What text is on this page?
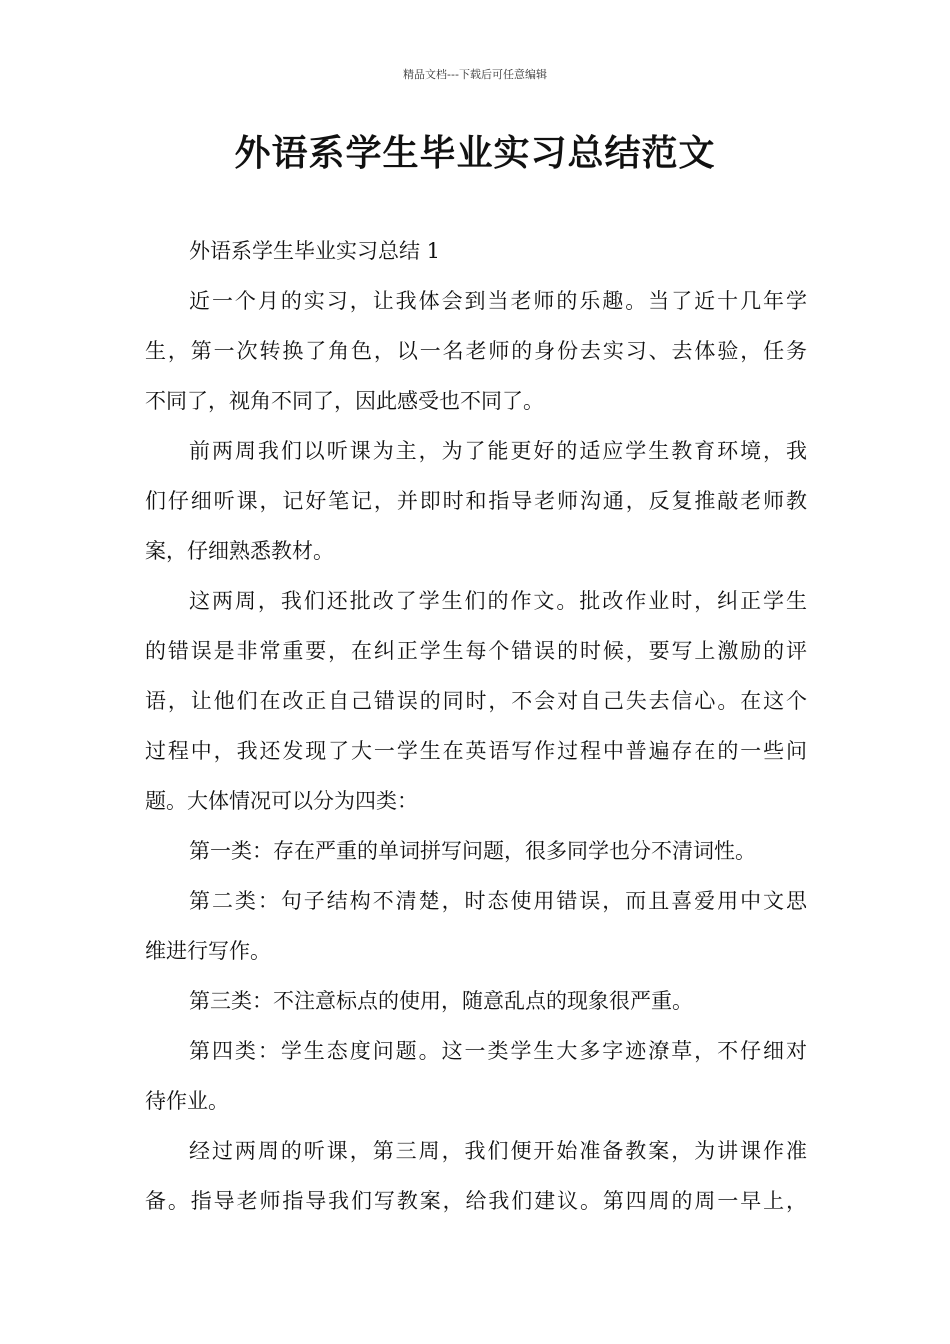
精品文档---下载后可任意编辑
外语系学生毕业实习总结范文
外语系学生毕业实习总结 1
近一个月的实习，让我体会到当老师的乐趣。当了近十几年学
生，第一次转换了角色，以一名老师的身份去实习、去体验，任务
不同了，视角不同了，因此感受也不同了。
前两周我们以听课为主，为了能更好的适应学生教育环境，我
们仔细听课，记好笔记，并即时和指导老师沟通，反复推敲老师教
案，仔细熟悉教材。
这两周，我们还批改了学生们的作文。批改作业时，纠正学生
的错误是非常重要，在纠正学生每个错误的时候，要写上激励的评
语，让他们在改正自己错误的同时，不会对自己失去信心。在这个
过程中，我还发现了大一学生在英语写作过程中普遍存在的一些问
题。大体情况可以分为四类：
第一类：存在严重的单词拼写问题，很多同学也分不清词性。
第二类：句子结构不清楚，时态使用错误，而且喜爱用中文思
维进行写作。
第三类：不注意标点的使用，随意乱点的现象很严重。
第四类：学生态度问题。这一类学生大多字迹潦草，不仔细对
待作业。
经过两周的听课，第三周，我们便开始准备教案，为讲课作准
备。指导老师指导我们写教案，给我们建议。第四周的周一早上，
